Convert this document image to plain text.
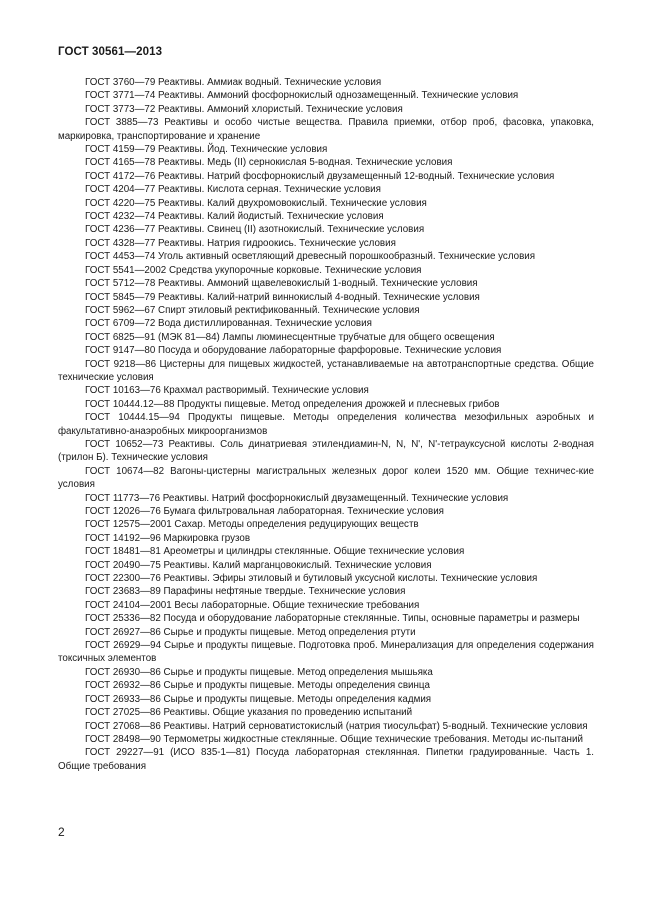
ГОСТ 30561—2013

ГОСТ 3760—79 Реактивы. Аммиак водный. Технические условия

ГОСТ 3771—74 Реактивы. Аммоний фосфорнокислый однозамещенный. Технические условия

ГОСТ 3773—72 Реактивы. Аммоний хлористый. Технические условия

ГОСТ 3885—73 Реактивы и особо чистые вещества. Правила приемки, отбор проб, фасовка, упаковка, маркировка, транспортирование и хранение

ГОСТ 4159—79 Реактивы. Йод. Технические условия

ГОСТ 4165—78 Реактивы. Медь (II) сернокислая 5-водная. Технические условия

ГОСТ 4172—76 Реактивы. Натрий фосфорнокислый двузамещенный 12-водный. Технические условия

ГОСТ 4204—77 Реактивы. Кислота серная. Технические условия

ГОСТ 4220—75 Реактивы. Калий двухромовокислый. Технические условия

ГОСТ 4232—74 Реактивы. Калий йодистый. Технические условия

ГОСТ 4236—77 Реактивы. Свинец (II) азотнокислый. Технические условия

ГОСТ 4328—77 Реактивы. Натрия гидроокись. Технические условия

ГОСТ 4453—74 Уголь активный осветляющий древесный порошкообразный. Технические условия

ГОСТ 5541—2002 Средства укупорочные корковые. Технические условия

ГОСТ 5712—78 Реактивы. Аммоний щавелевокислый 1-водный. Технические условия

ГОСТ 5845—79 Реактивы. Калий-натрий виннокислый 4-водный. Технические условия

ГОСТ 5962—67 Спирт этиловый ректификованный. Технические условия

ГОСТ 6709—72 Вода дистиллированная. Технические условия

ГОСТ 6825—91 (МЭК 81—84) Лампы люминесцентные трубчатые для общего освещения

ГОСТ 9147—80 Посуда и оборудование лабораторные фарфоровые. Технические условия

ГОСТ 9218—86 Цистерны для пищевых жидкостей, устанавливаемые на автотранспортные средства. Общие технические условия

ГОСТ 10163—76 Крахмал растворимый. Технические условия

ГОСТ 10444.12—88 Продукты пищевые. Метод определения дрожжей и плесневых грибов

ГОСТ 10444.15—94 Продукты пищевые. Методы определения количества мезофильных аэробных и факультативно-анаэробных микроорганизмов

ГОСТ 10652—73 Реактивы. Соль динатриевая этилендиамин-N, N, N', N'-тетрауксусной кислоты 2-водная (трилон Б). Технические условия

ГОСТ 10674—82 Вагоны-цистерны магистральных железных дорог колеи 1520 мм. Общие техничес-кие условия

ГОСТ 11773—76 Реактивы. Натрий фосфорнокислый двузамещенный. Технические условия

ГОСТ 12026—76 Бумага фильтровальная лабораторная. Технические условия

ГОСТ 12575—2001 Сахар. Методы определения редуцирующих веществ

ГОСТ 14192—96 Маркировка грузов

ГОСТ 18481—81 Ареометры и цилиндры стеклянные. Общие технические условия

ГОСТ 20490—75 Реактивы. Калий марганцовокислый. Технические условия

ГОСТ 22300—76 Реактивы. Эфиры этиловый и бутиловый уксусной кислоты. Технические условия

ГОСТ 23683—89 Парафины нефтяные твердые. Технические условия

ГОСТ 24104—2001 Весы лабораторные. Общие технические требования

ГОСТ 25336—82 Посуда и оборудование лабораторные стеклянные. Типы, основные параметры и размеры

ГОСТ 26927—86 Сырье и продукты пищевые. Метод определения ртути

ГОСТ 26929—94 Сырье и продукты пищевые. Подготовка проб. Минерализация для определения содержания токсичных элементов

ГОСТ 26930—86 Сырье и продукты пищевые. Метод определения мышьяка

ГОСТ 26932—86 Сырье и продукты пищевые. Методы определения свинца

ГОСТ 26933—86 Сырье и продукты пищевые. Методы определения кадмия

ГОСТ 27025—86 Реактивы. Общие указания по проведению испытаний

ГОСТ 27068—86 Реактивы. Натрий серноватистокислый (натрия тиосульфат) 5-водный. Технические условия

ГОСТ 28498—90 Термометры жидкостные стеклянные. Общие технические требования. Методы ис-пытаний

ГОСТ 29227—91 (ИСО 835-1—81) Посуда лабораторная стеклянная. Пипетки градуированные. Часть 1. Общие требования

2
